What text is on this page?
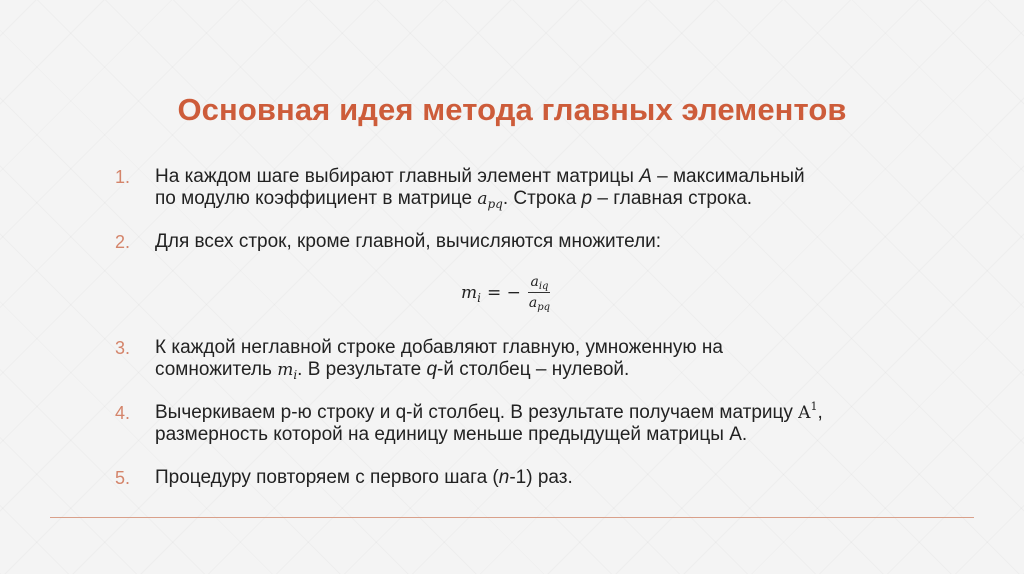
Основная идея метода главных элементов
1. На каждом шаге выбирают главный элемент матрицы A – максимальный
по модулю коэффициент в матрице $a_{pq}$. Строка p – главная строка.
2. Для всех строк, кроме главной, вычисляются множители:
$m_i$ = − $\frac{a_{iq}}{a_{pq}}$
3. К каждой неглавной строке добавляют главную, умноженную на
сомножитель $m_i$. В результате q-й столбец – нулевой.
4. Вычеркиваем р-ю строку и q-й столбец. В результате получаем матрицу $A^1$,
размерность которой на единицу меньше предыдущей матрицы А.
5. Процедуру повторяем с первого шага (n-1) раз.
